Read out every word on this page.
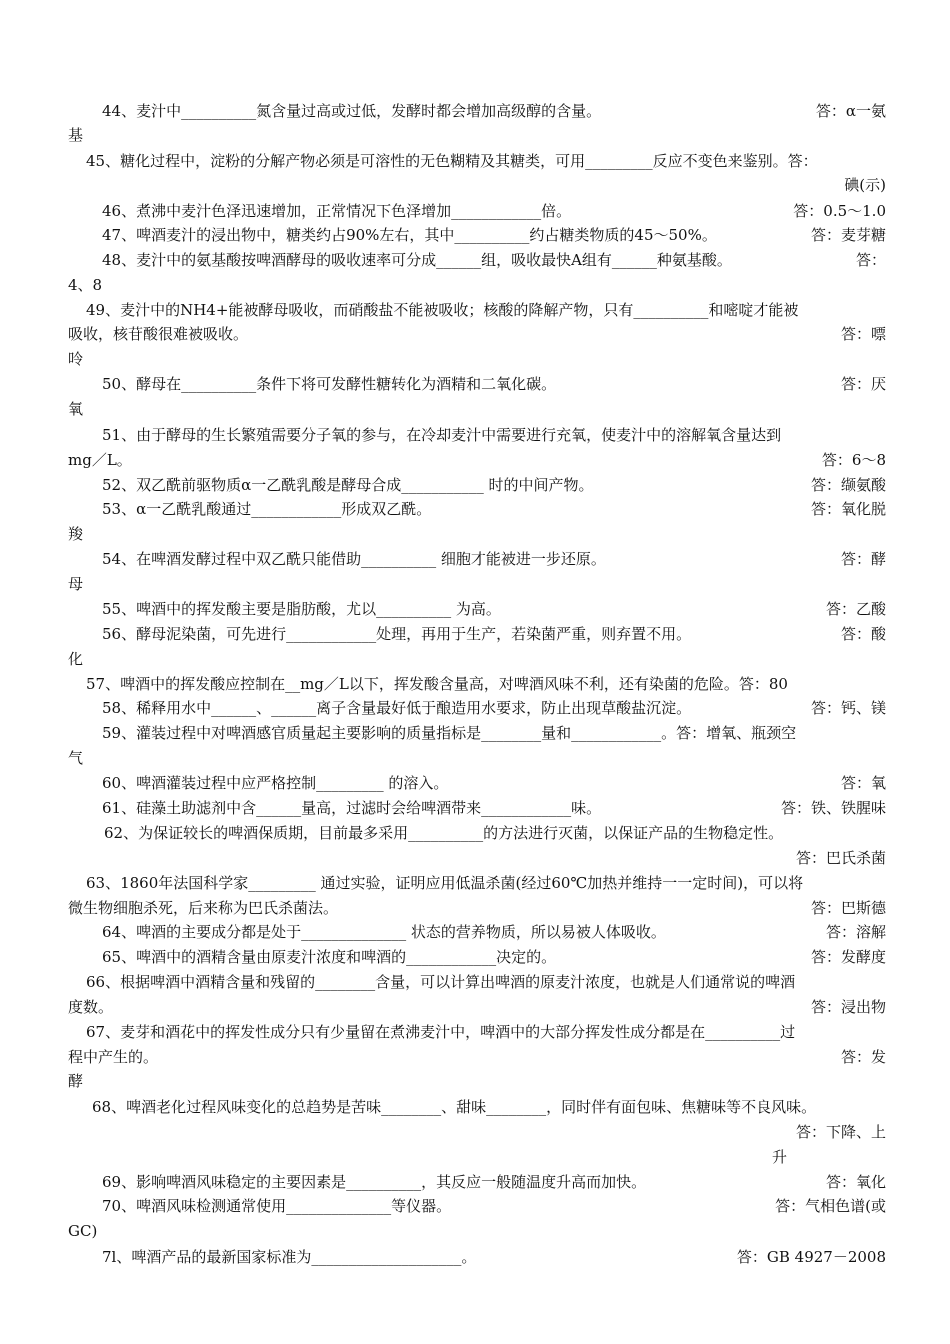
44、麦汁中__________氮含量过高或过低，发酵时都会增加高级醇的含量。	答：α一氨
基
45、糖化过程中，淀粉的分解产物必须是可溶性的无色糊精及其糖类，可用_________反应不变色来鉴别。答：
碘(示)
46、煮沸中麦汁色泽迅速增加，正常情况下色泽增加____________倍。	答：0.5～1.0
47、啤酒麦汁的浸出物中，糖类约占90%左右，其中__________约占糖类物质的45～50%。	答：麦芽糖
48、麦汁中的氨基酸按啤酒酵母的吸收速率可分成______组，吸收最快A组有______种氨基酸。	答：
4、8
49、麦汁中的NH4+能被酵母吸收，而硝酸盐不能被吸收；核酸的降解产物，只有__________和嘧啶才能被
吸收，核苷酸很难被吸收。	答：嘌
呤
50、酵母在__________条件下将可发酵性糖转化为酒精和二氧化碳。	答：厌
氧
51、由于酵母的生长繁殖需要分子氧的参与，在冷却麦汁中需要进行充氧，使麦汁中的溶解氧含量达到
mg／L。	答：6～8
52、双乙酰前驱物质α一乙酰乳酸是酵母合成___________ 时的中间产物。	答：缬氨酸
53、α一乙酰乳酸通过____________形成双乙酰。	答：氧化脱
羧
54、在啤酒发酵过程中双乙酰只能借助__________ 细胞才能被进一步还原。	答：酵
母
55、啤酒中的挥发酸主要是脂肪酸，尤以__________ 为高。	答：乙酸
56、酵母泥染菌，可先进行____________处理，再用于生产，若染菌严重，则弃置不用。	答：酸
化
57、啤酒中的挥发酸应控制在__mg／L以下，挥发酸含量高，对啤酒风味不利，还有染菌的危险。答：80
58、稀释用水中______、______离子含量最好低于酿造用水要求，防止出现草酸盐沉淀。	答：钙、镁
59、灌装过程中对啤酒感官质量起主要影响的质量指标是________量和____________。答：增氧、瓶颈空
气
60、啤酒灌装过程中应严格控制_________ 的溶入。	答：氧
61、硅藻土助滤剂中含______量高，过滤时会给啤酒带来____________味。	答：铁、铁腥味
62、为保证较长的啤酒保质期，目前最多采用__________的方法进行灭菌，以保证产品的生物稳定性。
答：巴氏杀菌
63、1860年法国科学家_________ 通过实验，证明应用低温杀菌(经过60℃加热并维持一一定时间)，可以将
微生物细胞杀死，后来称为巴氏杀菌法。	答：巴斯德
64、啤酒的主要成分都是处于______________ 状态的营养物质，所以易被人体吸收。	答：溶解
65、啤酒中的酒精含量由原麦汁浓度和啤酒的____________决定的。	答：发酵度
66、根据啤酒中酒精含量和残留的________含量，可以计算出啤酒的原麦汁浓度，也就是人们通常说的啤酒
度数。	答：浸出物
67、麦芽和酒花中的挥发性成分只有少量留在煮沸麦汁中，啤酒中的大部分挥发性成分都是在__________过
程中产生的。	答：发
酵
68、啤酒老化过程风味变化的总趋势是苦味________、甜味________，同时伴有面包味、焦糖味等不良风味。
答：下降、上
升
69、影响啤酒风味稳定的主要因素是__________，其反应一般随温度升高而加快。	答：氧化
70、啤酒风味检测通常使用______________等仪器。	答：气相色谱(或
GC)
7l、啤酒产品的最新国家标准为____________________。	答：GB 4927－2008
